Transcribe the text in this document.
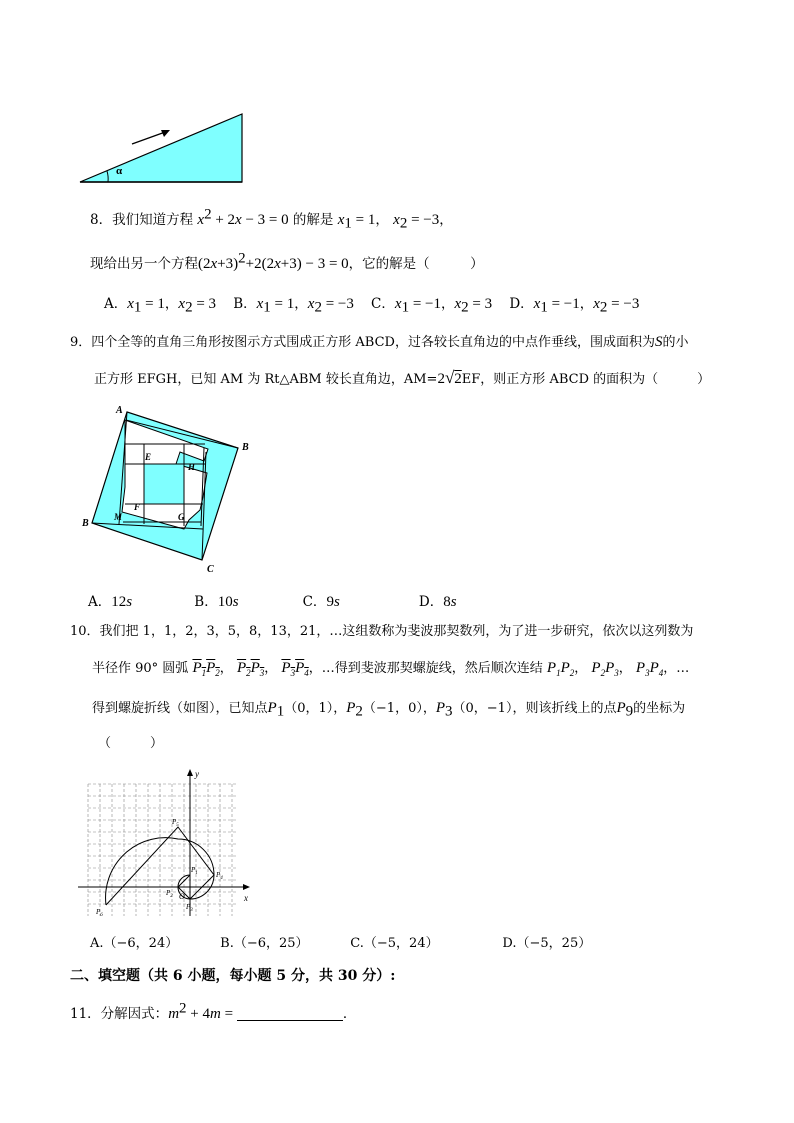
α
8．我们知道方程 $x^2 + 2x - 3 = 0$ 的解是 $x_1 = 1$， $x_2 = -3$，
现给出另一个方程$(2x+3)^2+2(2x+3) - 3 = 0$，它的解是（　　　）
A．$x_1 = 1$，$x_2 = 3$ B．$x_1 = 1$，$x_2 = -3$ C．$x_1 = -1$，$x_2 = 3$ D．$x_1 = -1$，$x_2 = -3$
9．四个全等的直角三角形按图示方式围成正方形 ABCD，过各较长直角边的中点作垂线，围成面积为S的小
正方形 EFGH，已知 AM 为 Rt△ABM 较长直角边，AM=2√2EF，则正方形 ABCD 的面积为（　　　）
A
B
C
B
E
H
F
G
M
A．12s	B．10s	C．9s	D．8s
10．我们把 1，1，2，3，5，8，13，21，…这组数称为斐波那契数列，为了进一步研究，依次以这列数为
半径作 90° 圆弧 $P_1P_2$， $P_2P_3$， $P_3P_4$，…得到斐波那契螺旋线，然后顺次连结 $P_1P_2$， $P_2P_3$， $P_3P_4$，…
得到螺旋折线（如图），已知点$P_1(0$，1），$P_2(-1$，0），$P_3(0$，−1），则该折线上的点$P_9$的坐标为
（　　　）
x
y
O
$P_1$
$P_2$
$P_3$
$P_4$
$P_5$
$P_6$
A.（−6，24）	B.（−6，25）	C.（−5，24）	D.（−5，25）
二、填空题（共 6 小题，每小题 5 分，共 30 分）:
11．分解因式：$m^2 + 4m$ =	．
